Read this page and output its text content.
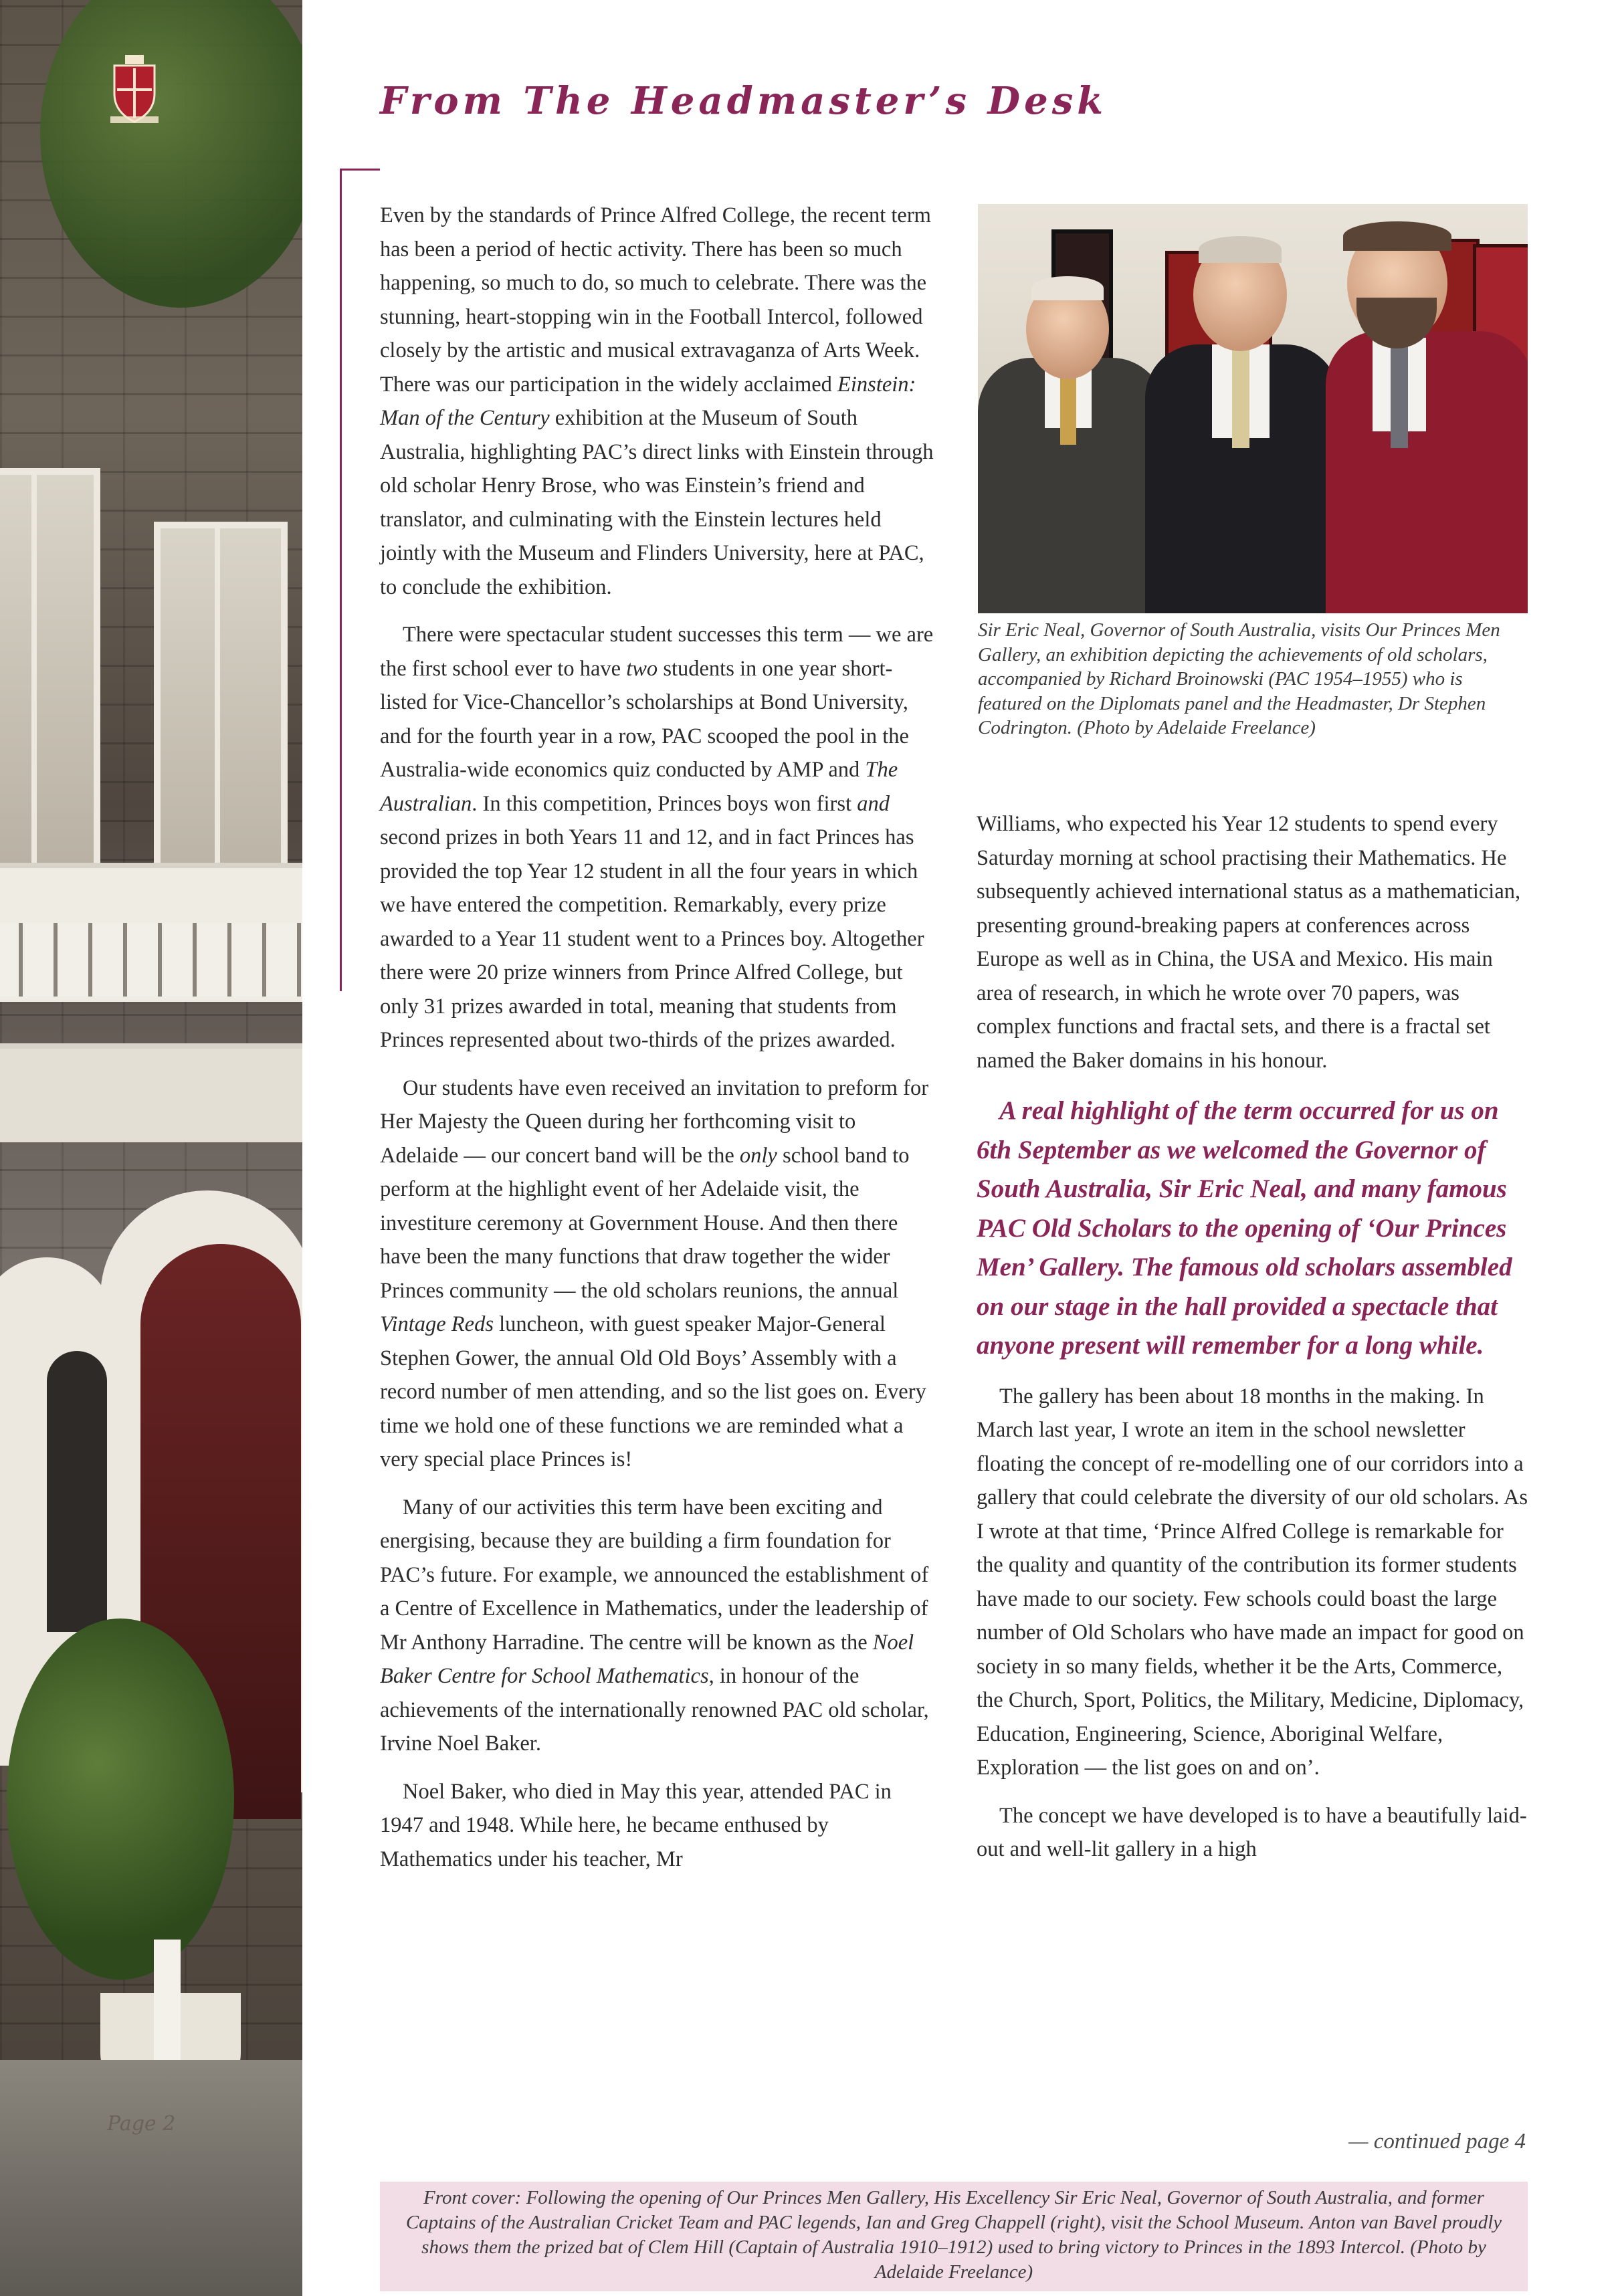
Page 2
From The Headmaster’s Desk

Even by the standards of Prince Alfred College, the recent term has been a period of hectic activity. There has been so much happening, so much to do, so much to celebrate. There was the stunning, heart-stopping win in the Football Intercol, followed closely by the artistic and musical extravaganza of Arts Week. There was our participation in the widely acclaimed Einstein: Man of the Century exhibition at the Museum of South Australia, highlighting PAC’s direct links with Einstein through old scholar Henry Brose, who was Einstein’s friend and translator, and culminating with the Einstein lectures held jointly with the Museum and Flinders University, here at PAC, to conclude the exhibition.

There were spectacular student successes this term — we are the first school ever to have two students in one year short-listed for Vice-Chancellor’s scholarships at Bond University, and for the fourth year in a row, PAC scooped the pool in the Australia-wide economics quiz conducted by AMP and The Australian. In this competition, Princes boys won first and second prizes in both Years 11 and 12, and in fact Princes has provided the top Year 12 student in all the four years in which we have entered the competition. Remarkably, every prize awarded to a Year 11 student went to a Princes boy. Altogether there were 20 prize winners from Prince Alfred College, but only 31 prizes awarded in total, meaning that students from Princes represented about two-thirds of the prizes awarded.

Our students have even received an invitation to preform for Her Majesty the Queen during her forthcoming visit to Adelaide — our concert band will be the only school band to perform at the highlight event of her Adelaide visit, the investiture ceremony at Government House. And then there have been the many functions that draw together the wider Princes community — the old scholars reunions, the annual Vintage Reds luncheon, with guest speaker Major-General Stephen Gower, the annual Old Old Boys’ Assembly with a record number of men attending, and so the list goes on. Every time we hold one of these functions we are reminded what a very special place Princes is!

Many of our activities this term have been exciting and energising, because they are building a firm foundation for PAC’s future. For example, we announced the establishment of a Centre of Excellence in Mathematics, under the leadership of Mr Anthony Harradine. The centre will be known as the Noel Baker Centre for School Mathematics, in honour of the achievements of the internationally renowned PAC old scholar, Irvine Noel Baker.

Noel Baker, who died in May this year, attended PAC in 1947 and 1948. While here, he became enthused by Mathematics under his teacher, Mr

Sir Eric Neal, Governor of South Australia, visits Our Princes Men Gallery, an exhibition depicting the achievements of old scholars, accompanied by Richard Broinowski (PAC 1954–1955) who is featured on the Diplomats panel and the Headmaster, Dr Stephen Codrington. (Photo by Adelaide Freelance)

Williams, who expected his Year 12 students to spend every Saturday morning at school practising their Mathematics. He subsequently achieved international status as a mathematician, presenting ground-breaking papers at conferences across Europe as well as in China, the USA and Mexico. His main area of research, in which he wrote over 70 papers, was complex functions and fractal sets, and there is a fractal set named the Baker domains in his honour.

A real highlight of the term occurred for us on 6th September as we welcomed the Governor of South Australia, Sir Eric Neal, and many famous PAC Old Scholars to the opening of ‘Our Princes Men’ Gallery. The famous old scholars assembled on our stage in the hall provided a spectacle that anyone present will remember for a long while.

The gallery has been about 18 months in the making. In March last year, I wrote an item in the school newsletter floating the concept of re-modelling one of our corridors into a gallery that could celebrate the diversity of our old scholars. As I wrote at that time, ‘Prince Alfred College is remarkable for the quality and quantity of the contribution its former students have made to our society. Few schools could boast the large number of Old Scholars who have made an impact for good on society in so many fields, whether it be the Arts, Commerce, the Church, Sport, Politics, the Military, Medicine, Diplomacy, Education, Engineering, Science, Aboriginal Welfare, Exploration — the list goes on and on’.

The concept we have developed is to have a beautifully laid-out and well-lit gallery in a high

— continued page 4

Front cover: Following the opening of Our Princes Men Gallery, His Excellency Sir Eric Neal, Governor of South Australia, and former Captains of the Australian Cricket Team and PAC legends, Ian and Greg Chappell (right), visit the School Museum. Anton van Bavel proudly shows them the prized bat of Clem Hill (Captain of Australia 1910–1912) used to bring victory to Princes in the 1893 Intercol. (Photo by Adelaide Freelance)
